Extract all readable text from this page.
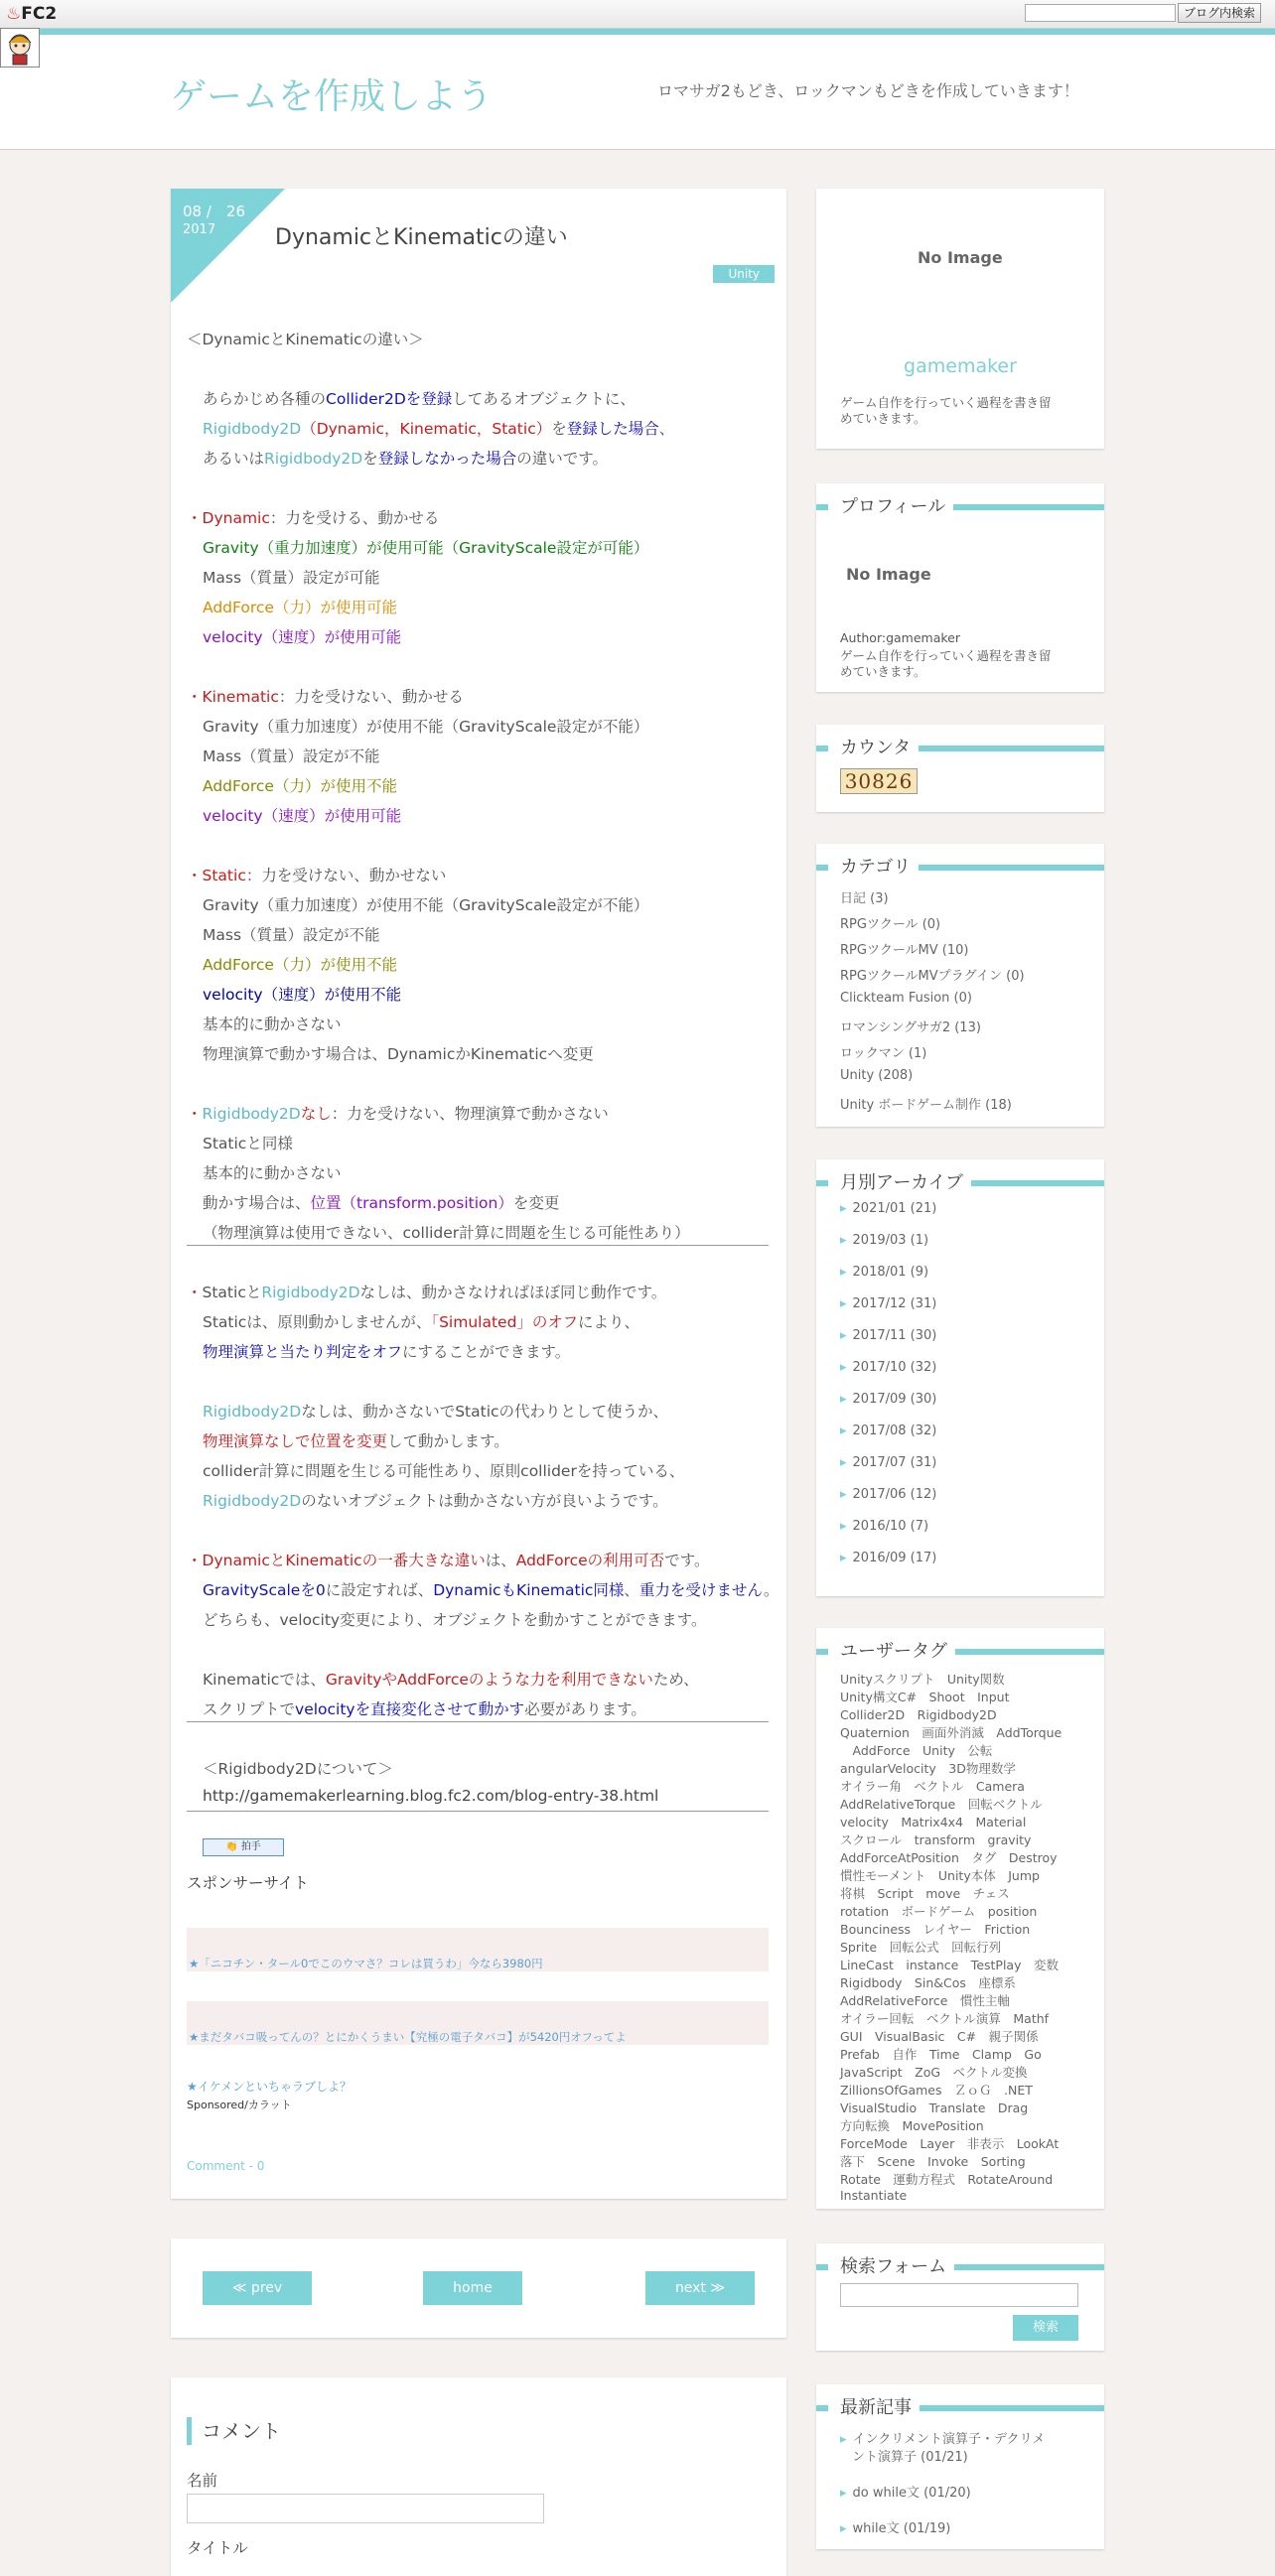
♨FC2	ブログ内検索
ゲームを作成しよう	ロマサガ2もどき、ロックマンもどきを作成していきます！
08 /　26
2017	DynamicとKinematicの違い
Unity
＜DynamicとKinematicの違い＞
あらかじめ各種のCollider2Dを登録してあるオブジェクトに、
Rigidbody2D（Dynamic，Kinematic，Static）を登録した場合、
あるいはRigidbody2Dを登録しなかった場合の違いです。
・Dynamic：力を受ける、動かせる
Gravity（重力加速度）が使用可能（GravityScale設定が可能）
Mass（質量）設定が可能
AddForce（力）が使用可能
velocity（速度）が使用可能
・Kinematic：力を受けない、動かせる
Gravity（重力加速度）が使用不能（GravityScale設定が不能）
Mass（質量）設定が不能
AddForce（力）が使用不能
velocity（速度）が使用可能
・Static：力を受けない、動かせない
Gravity（重力加速度）が使用不能（GravityScale設定が不能）
Mass（質量）設定が不能
AddForce（力）が使用不能
velocity（速度）が使用不能
基本的に動かさない
物理演算で動かす場合は、DynamicかKinematicへ変更
・Rigidbody2Dなし：力を受けない、物理演算で動かさない
Staticと同様
基本的に動かさない
動かす場合は、位置（transform.position）を変更
（物理演算は使用できない、collider計算に問題を生じる可能性あり）
・StaticとRigidbody2Dなしは、動かさなければほぼ同じ動作です。
Staticは、原則動かしませんが、「Simulated」のオフにより、
物理演算と当たり判定をオフにすることができます。
Rigidbody2Dなしは、動かさないでStaticの代わりとして使うか、
物理演算なしで位置を変更して動かします。
collider計算に問題を生じる可能性あり、原則colliderを持っている、
Rigidbody2Dのないオブジェクトは動かさない方が良いようです。
・DynamicとKinematicの一番大きな違いは、AddForceの利用可否です。
GravityScaleを0に設定すれば、DynamicもKinematic同様、重力を受けません。
どちらも、velocity変更により、オブジェクトを動かすことができます。
Kinematicでは、GravityやAddForceのような力を利用できないため、
スクリプトでvelocityを直接変化させて動かす必要があります。
＜Rigidbody2Dについて＞
http://gamemakerlearning.blog.fc2.com/blog-entry-38.html
👏 拍手
スポンサーサイト
★「ニコチン・タール0でこのウマさ？コレは買うわ」今なら3980円
★まだタバコ吸ってんの？とにかくうまい【究極の電子タバコ】が5420円オフってよ
★イケメンといちゃラブしよ？
Sponsored/カラット
Comment - 0
≪ prev	home	next ≫
コメント
名前
タイトル
No Image
gamemaker
ゲーム自作を行っていく過程を書き留
めていきます。
プロフィール
No Image
Author:gamemaker
ゲーム自作を行っていく過程を書き留
めていきます。
カウンタ
30826
カテゴリ
日記 (3)
RPGツクール (0)
RPGツクールMV (10)
RPGツクールMVプラグイン (0)
Clickteam Fusion (0)
ロマンシングサガ2 (13)
ロックマン (1)
Unity (208)
Unity ボードゲーム制作 (18)
月別アーカイブ
▸ 2021/01 (21)
▸ 2019/03 (1)
▸ 2018/01 (9)
▸ 2017/12 (31)
▸ 2017/11 (30)
▸ 2017/10 (32)
▸ 2017/09 (30)
▸ 2017/08 (32)
▸ 2017/07 (31)
▸ 2017/06 (12)
▸ 2016/10 (7)
▸ 2016/09 (17)
ユーザータグ
Unityスクリプト　Unity関数
Unity構文C#　Shoot　Input
Collider2D　Rigidbody2D
Quaternion　画面外消滅　AddTorque
　AddForce　Unity　公転
angularVelocity　3D物理数学
オイラー角　ベクトル　Camera
AddRelativeTorque　回転ベクトル
velocity　Matrix4x4　Material
スクロール　transform　gravity
AddForceAtPosition　タグ　Destroy
慣性モーメント　Unity本体　Jump
将棋　Script　move　チェス
rotation　ボードゲーム　position
Bounciness　レイヤー　Friction
Sprite　回転公式　回転行列
LineCast　instance　TestPlay　変数
Rigidbody　Sin&Cos　座標系
AddRelativeForce　慣性主軸
オイラー回転　ベクトル演算　Mathf
GUI　VisualBasic　C#　親子関係
Prefab　自作　Time　Clamp　Go
JavaScript　ZoG　ベクトル変換
ZillionsOfGames　ＺｏＧ　.NET
VisualStudio　Translate　Drag
方向転換　MovePosition
ForceMode　Layer　非表示　LookAt
落下　Scene　Invoke　Sorting
Rotate　運動方程式　RotateAround
Instantiate
検索フォーム
検索
最新記事
▸ インクリメント演算子・デクリメ
ント演算子 (01/21)
▸ do while文 (01/20)
▸ while文 (01/19)
